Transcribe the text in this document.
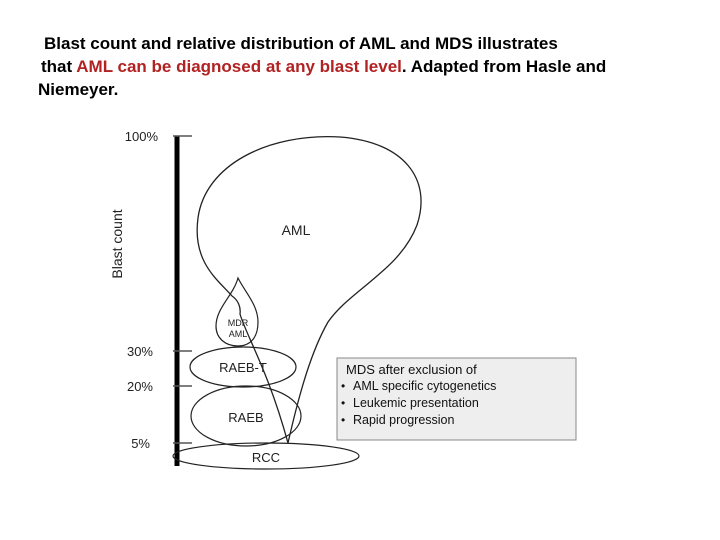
Blast count and relative distribution of AML and MDS illustrates
that AML can be diagnosed at any blast level. Adapted from Hasle and
Niemeyer.
100%
30%
20%
5%
Blast count	AML
MDR
AML
RAEB-T
RAEB
RCC
MDS after exclusion of
• AML specific cytogenetics
• Leukemic presentation
• Rapid progression
